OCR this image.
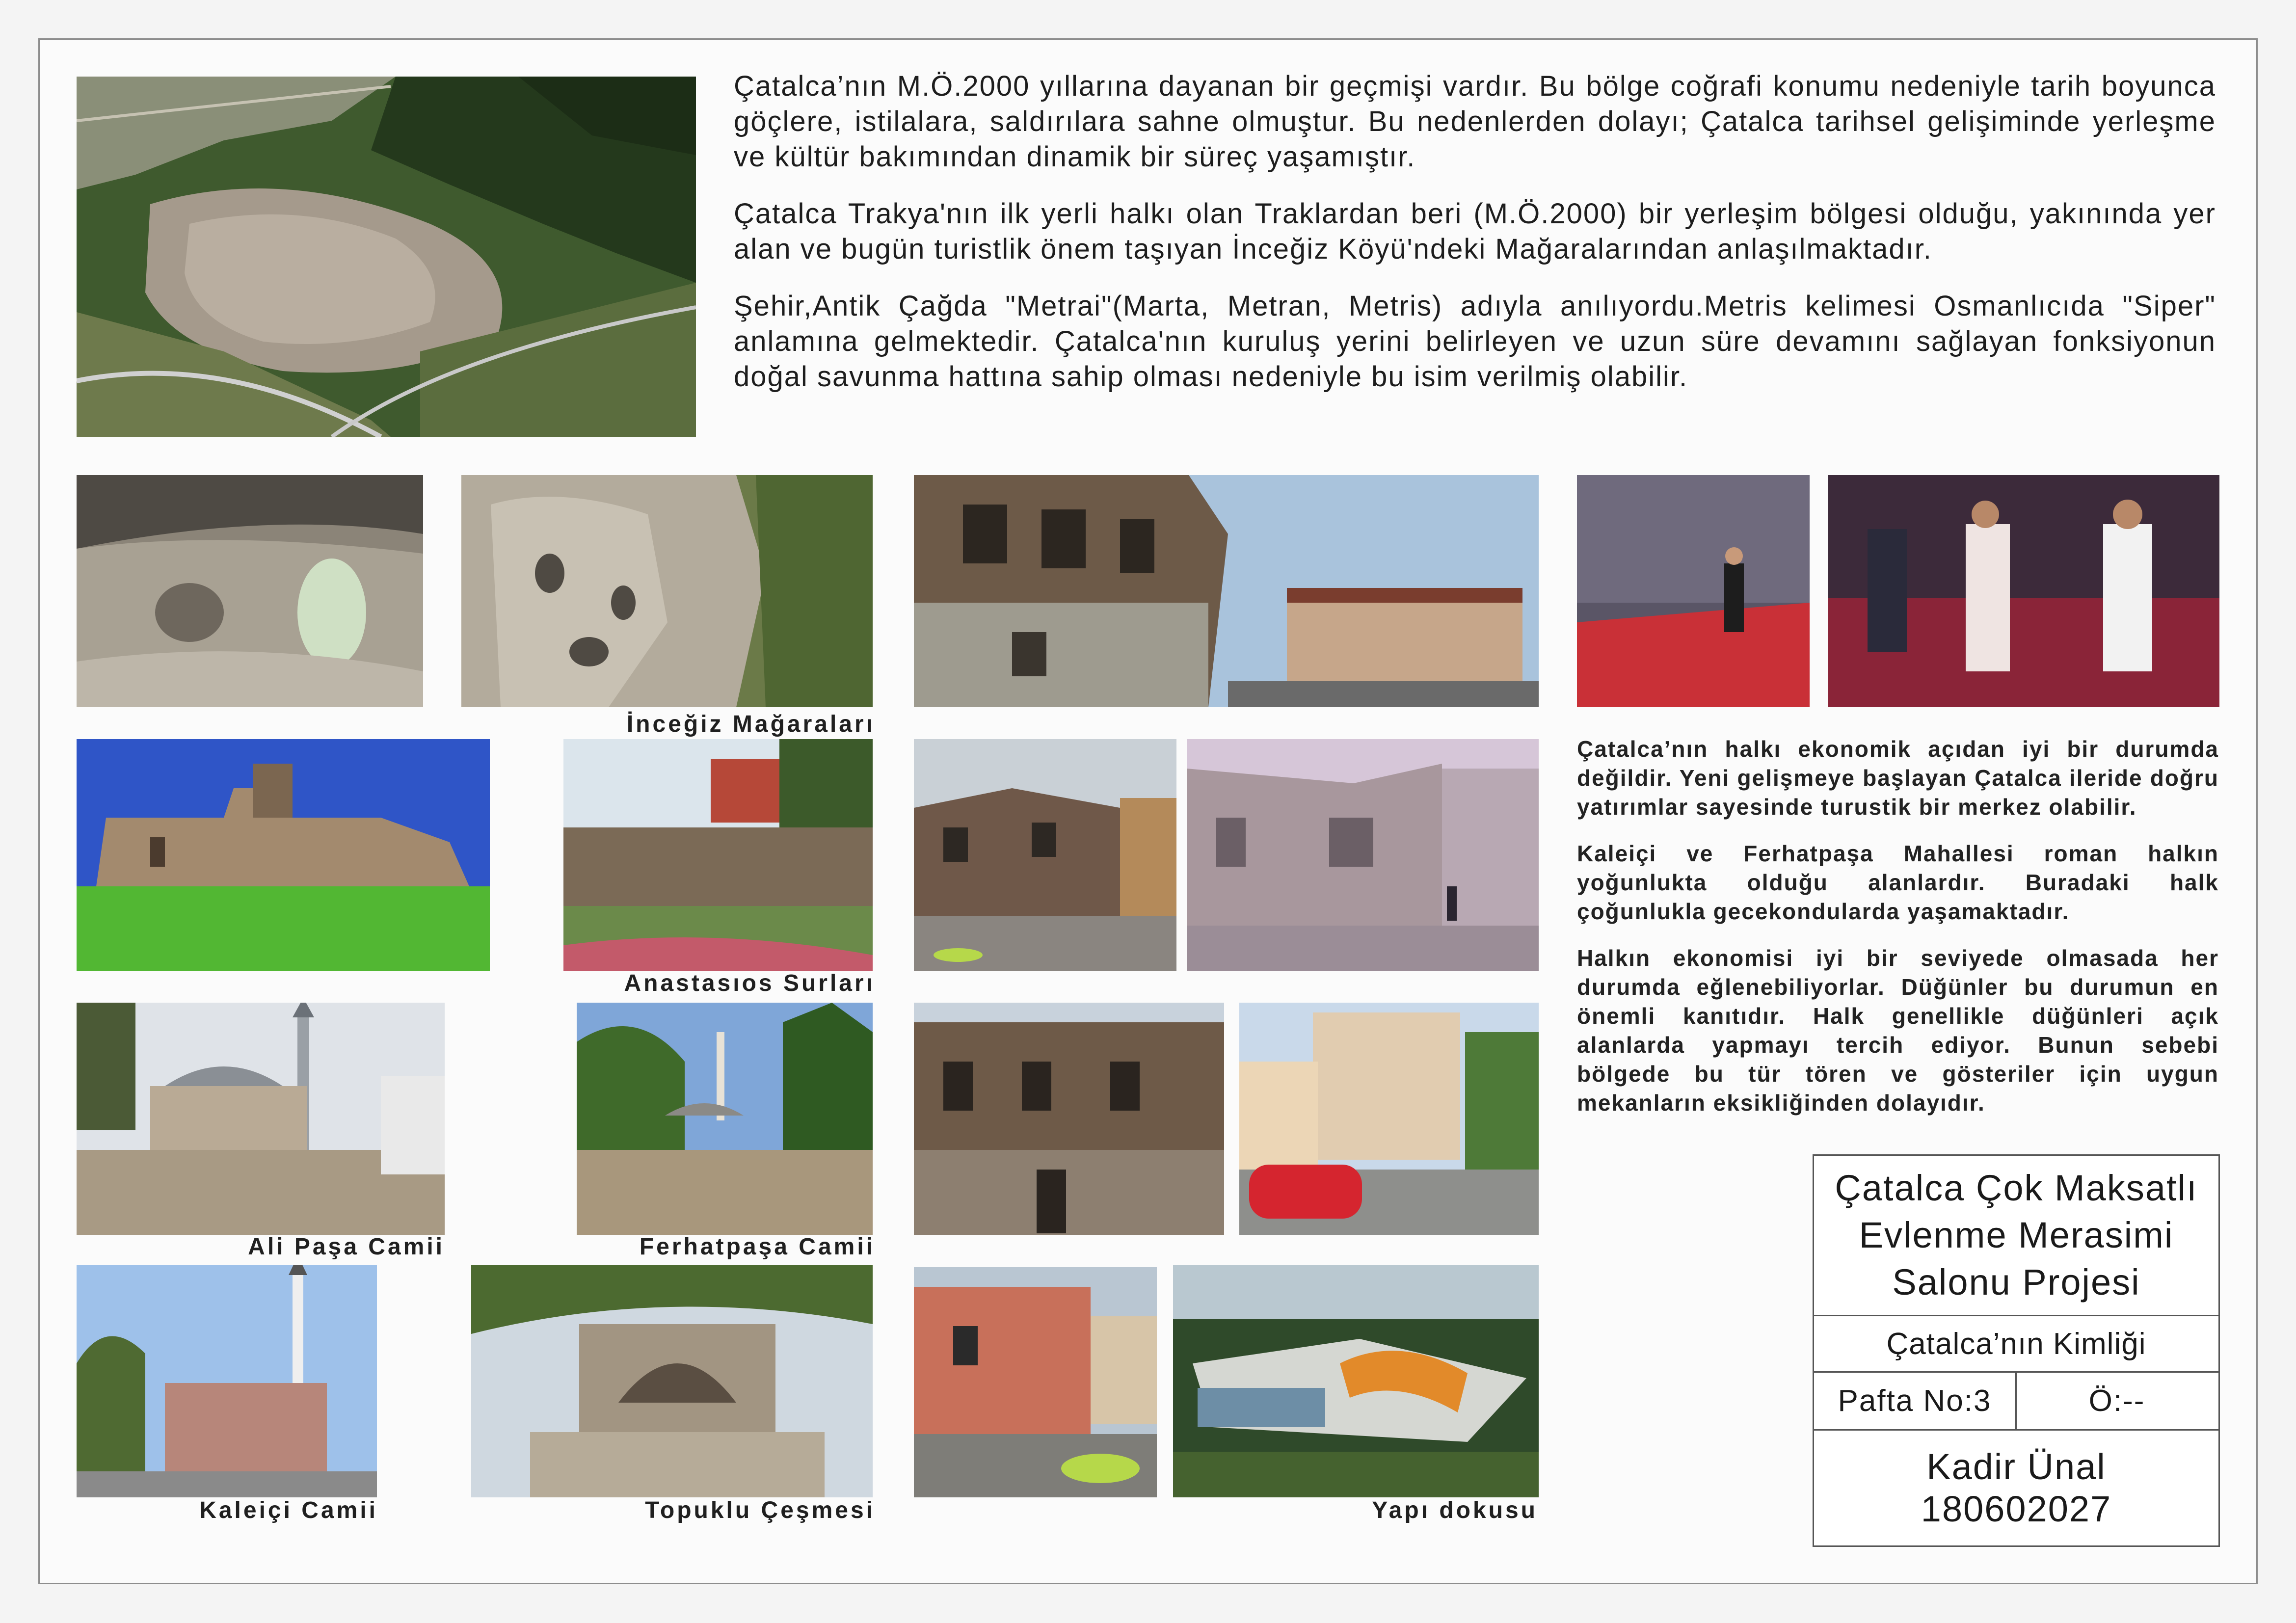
Çatalca’nın M.Ö.2000 yıllarına dayanan bir geçmişi vardır. Bu bölge coğrafi konumu nedeniyle tarih boyunca göçlere, istilalara, saldırılara sahne olmuştur. Bu nedenlerden dolayı; Çatalca tarihsel gelişiminde yerleşme ve kültür bakımından dinamik bir süreç yaşamıştır.

Çatalca Trakya'nın ilk yerli halkı olan Traklardan beri (M.Ö.2000) bir yerleşim bölgesi olduğu, yakınında yer alan ve bugün turistlik önem taşıyan İnceğiz Köyü'ndeki Mağaralarından anlaşılmaktadır.

Şehir,Antik Çağda "Metrai"(Marta, Metran, Metris) adıyla anılıyordu.Metris kelimesi Osmanlıcıda "Siper" anlamına gelmektedir. Çatalca'nın kuruluş yerini belirleyen ve uzun süre devamını sağlayan fonksiyonun doğal savunma hattına sahip olması nedeniyle bu isim verilmiş olabilir.

İnceğiz Mağaraları
Anastasıos Surları

Çatalca’nın halkı ekonomik açıdan iyi bir durumda değildir. Yeni gelişmeye başlayan Çatalca ileride doğru yatırımlar sayesinde turustik bir merkez olabilir.

Kaleiçi ve Ferhatpaşa Mahallesi roman halkın yoğunlukta olduğu alanlardır. Buradaki halk çoğunlukla gecekondularda yaşamaktadır.

Halkın ekonomisi iyi bir seviyede olmasada her durumda eğlenebiliyorlar. Düğünler bu durumun en önemli kanıtıdır. Halk genellikle düğünleri açık alanlarda yapmayı tercih ediyor. Bunun sebebi bölgede bu tür tören ve gösteriler için uygun mekanların eksikliğinden dolayıdır.

Ali Paşa Camii	Ferhatpaşa Camii
Kaleiçi Camii	Topuklu Çeşmesi	Yapı dokusu
Çatalca Çok Maksatlı
Evlenme Merasimi
Salonu Projesi
Çatalca’nın Kimliği
Pafta No:3	Ö:--
Kadir Ünal
180602027
